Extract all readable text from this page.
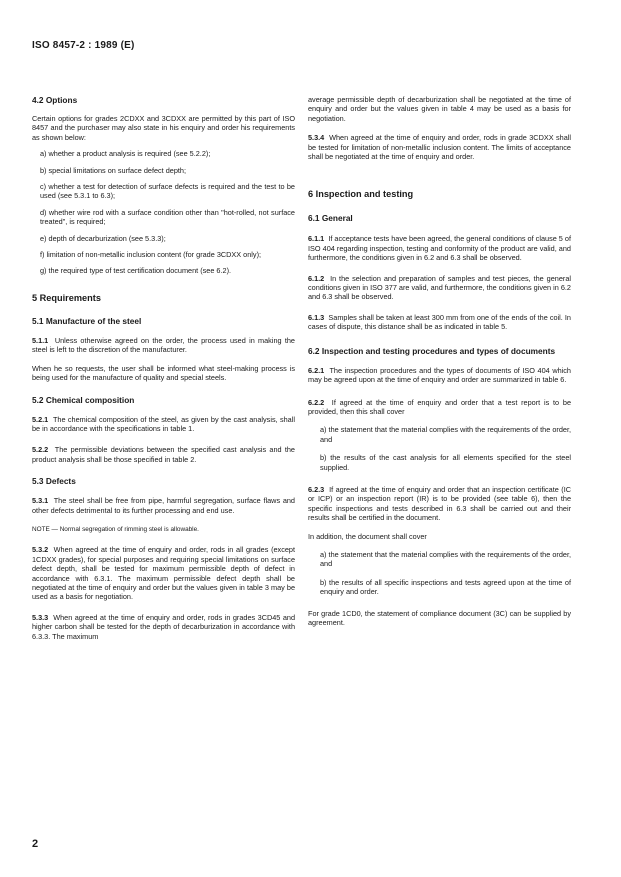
ISO 8457-2 : 1989 (E)
4.2 Options

Certain options for grades 2CDXX and 3CDXX are permitted by this part of ISO 8457 and the purchaser may also state in his enquiry and order his requirements as shown below:

a) whether a product analysis is required (see 5.2.2);

b) special limitations on surface defect depth;

c) whether a test for detection of surface defects is required and the test to be used (see 5.3.1 to 6.3);

d) whether wire rod with a surface condition other than "hot-rolled, not surface treated", is required;

e) depth of decarburization (see 5.3.3);

f) limitation of non-metallic inclusion content (for grade 3CDXX only);

g) the required type of test certification document (see 6.2).

5 Requirements
5.1 Manufacture of the steel

5.1.1 Unless otherwise agreed on the order, the process used in making the steel is left to the discretion of the manufacturer.

When he so requests, the user shall be informed what steel-making process is being used for the manufacture of quality and special steels.

5.2 Chemical composition

5.2.1 The chemical composition of the steel, as given by the cast analysis, shall be in accordance with the specifications in table 1.

5.2.2 The permissible deviations between the specified cast analysis and the product analysis shall be those specified in table 2.

5.3 Defects

5.3.1 The steel shall be free from pipe, harmful segregation, surface flaws and other defects detrimental to its further processing and end use.

NOTE — Normal segregation of rimming steel is allowable.

5.3.2 When agreed at the time of enquiry and order, rods in all grades (except 1CDXX grades), for special purposes and requiring special limitations on surface defect depth, shall be tested for maximum permissible depth of defect in accordance with 6.3.1. The maximum permissible defect depth shall be negotiated at the time of enquiry and order but the values given in table 3 may be used as a basis for negotiation.

5.3.3 When agreed at the time of enquiry and order, rods in grades 3CD45 and higher carbon shall be tested for the depth of decarburization in accordance with 6.3.3. The maximum

average permissible depth of decarburization shall be negotiated at the time of enquiry and order but the values given in table 4 may be used as a basis for negotiation.

5.3.4 When agreed at the time of enquiry and order, rods in grade 3CDXX shall be tested for limitation of non-metallic inclusion content. The limits of acceptance shall be negotiated at the time of enquiry and order.

6 Inspection and testing
6.1 General

6.1.1 If acceptance tests have been agreed, the general conditions of clause 5 of ISO 404 regarding inspection, testing and conformity of the product are valid, and furthermore, the conditions given in 6.2 and 6.3 shall be observed.

6.1.2 In the selection and preparation of samples and test pieces, the general conditions given in ISO 377 are valid, and furthermore, the conditions given in 6.2 and 6.3 shall be observed.

6.1.3 Samples shall be taken at least 300 mm from one of the ends of the coil. In cases of dispute, this distance shall be as indicated in table 5.

6.2 Inspection and testing procedures and types of documents

6.2.1 The inspection procedures and the types of documents of ISO 404 which may be agreed upon at the time of enquiry and order are summarized in table 6.

6.2.2 If agreed at the time of enquiry and order that a test report is to be provided, then this shall cover

a) the statement that the material complies with the requirements of the order, and

b) the results of the cast analysis for all elements specified for the steel supplied.

6.2.3 If agreed at the time of enquiry and order that an inspection certificate (IC or ICP) or an inspection report (IR) is to be provided (see table 6), then the specific inspections and tests described in 6.3 shall be carried out and their results shall be certified in the document.

In addition, the document shall cover

a) the statement that the material complies with the requirements of the order, and

b) the results of all specific inspections and tests agreed upon at the time of enquiry and order.

For grade 1CD0, the statement of compliance document (3C) can be supplied by agreement.

2
